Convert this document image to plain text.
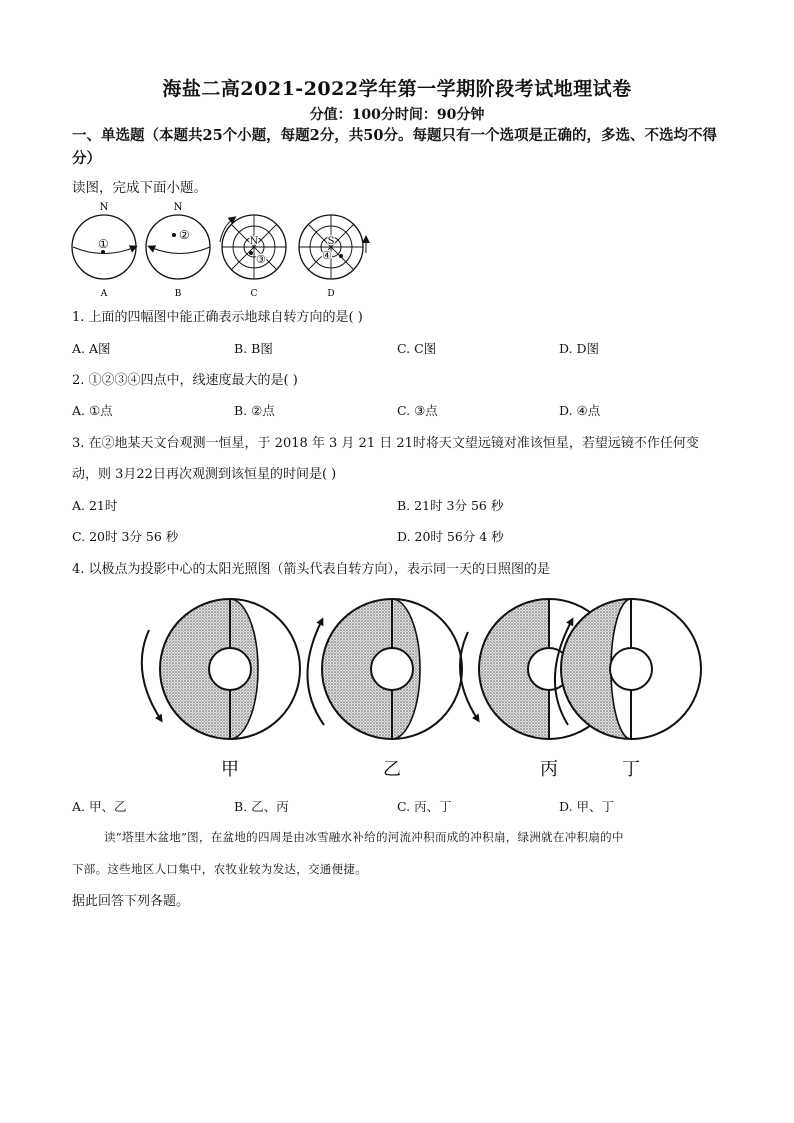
海盐二高2021-2022学年第一学期阶段考试地理试卷
分值：100分时间：90分钟
一、单选题（本题共25个小题，每题2分，共50分。每题只有一个选项是正确的，多选、不选均不得分）
读图，完成下面小题。
N
①
A
N
②
B
N
③
C
S
④
D
1. 上面的四幅图中能正确表示地球自转方向的是( )
A. A图	B. B图	C. C图	D. D图
2. ①②③④四点中，线速度最大的是( )
A. ①点	B. ②点	C. ③点	D. ④点
3. 在②地某天文台观测一恒星，于 2018 年 3 月 21 日 21时将天文望远镜对准该恒星，若望远镜不作任何变
动，则 3月22日再次观测到该恒星的时间是( )
A. 21时	B. 21时 3分 56 秒
C. 20时 3分 56 秒	D. 20时 56分 4 秒
4. 以极点为投影中心的太阳光照图（箭头代表自转方向），表示同一天的日照图的是
甲	乙	丙	丁
A. 甲、乙	B. 乙、丙	C. 丙、丁	D. 甲、丁
读“塔里木盆地”图，在盆地的四周是由冰雪融水补给的河流冲积而成的冲积扇，绿洲就在冲积扇的中
下部。这些地区人口集中，农牧业较为发达，交通便捷。
据此回答下列各题。
